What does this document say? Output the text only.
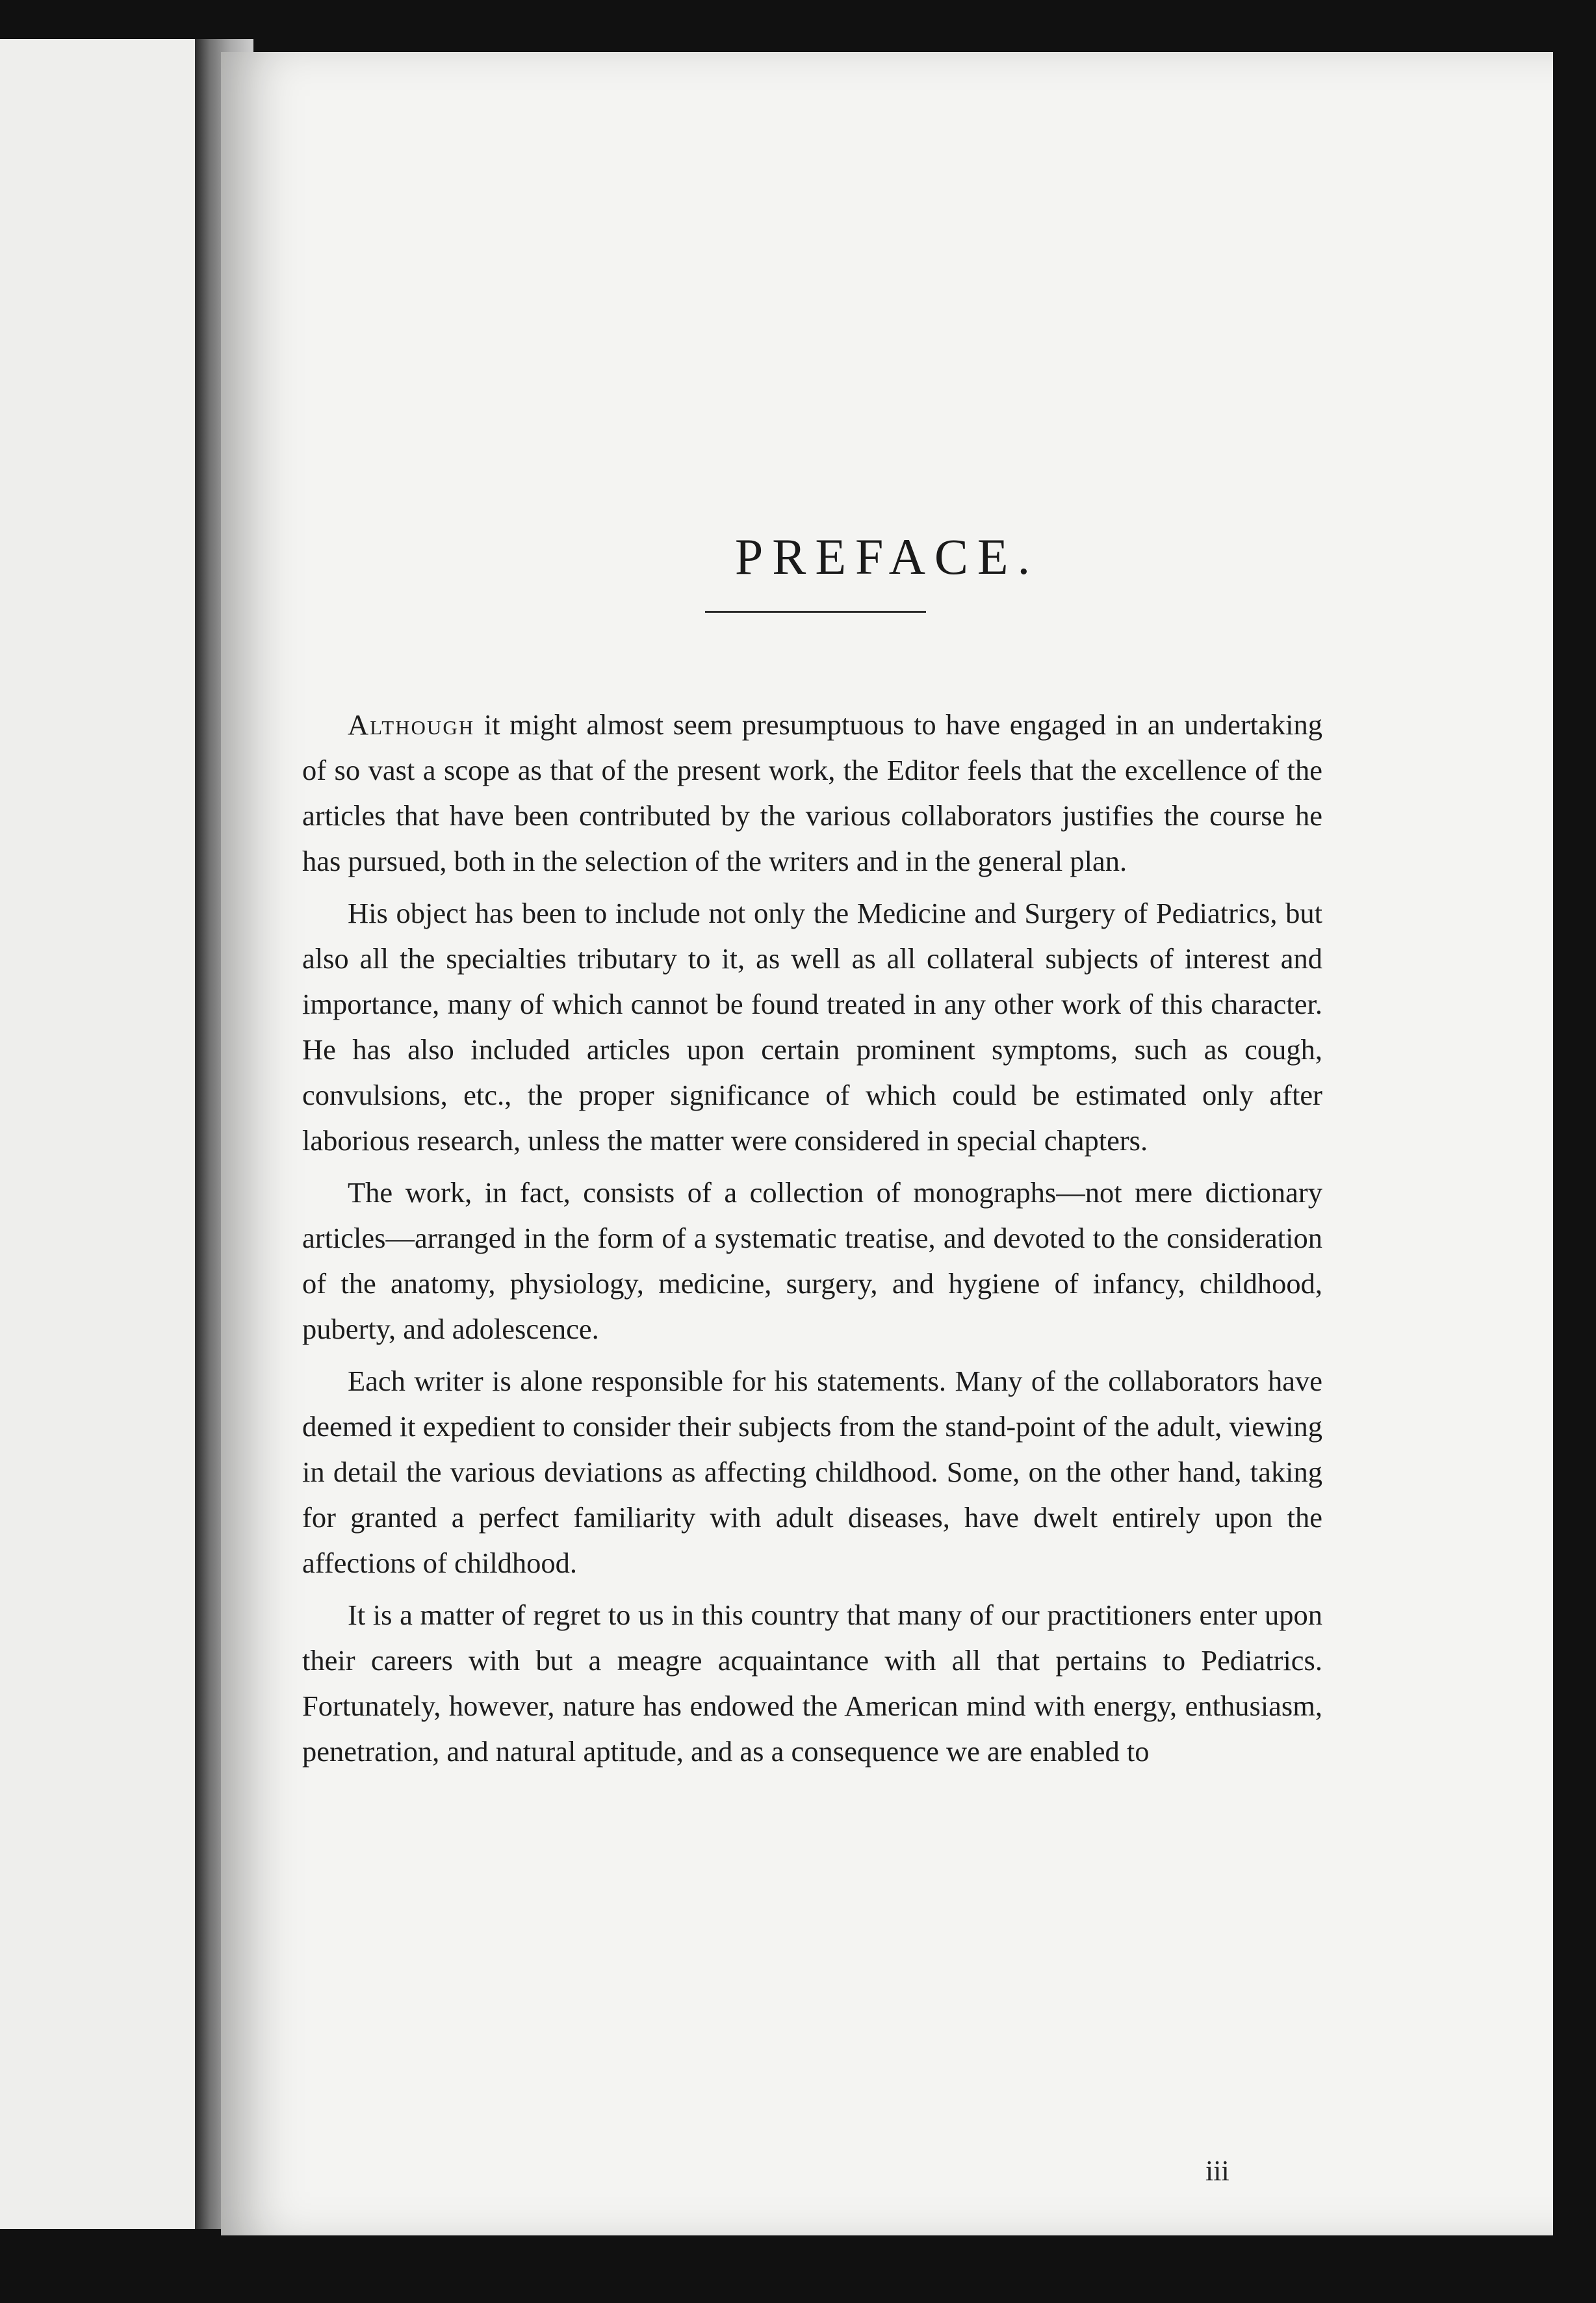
PREFACE.

Although it might almost seem presumptuous to have engaged in an undertaking of so vast a scope as that of the present work, the Editor feels that the excellence of the articles that have been contributed by the various collaborators justifies the course he has pursued, both in the selection of the writers and in the general plan.

His object has been to include not only the Medicine and Surgery of Pediatrics, but also all the specialties tributary to it, as well as all collateral subjects of interest and importance, many of which cannot be found treated in any other work of this character. He has also included articles upon certain prominent symptoms, such as cough, convulsions, etc., the proper significance of which could be estimated only after laborious research, unless the matter were considered in special chapters.

The work, in fact, consists of a collection of monographs—not mere dictionary articles—arranged in the form of a systematic treatise, and devoted to the consideration of the anatomy, physiology, medicine, surgery, and hygiene of infancy, childhood, puberty, and adolescence.

Each writer is alone responsible for his statements. Many of the collaborators have deemed it expedient to consider their subjects from the stand-point of the adult, viewing in detail the various deviations as affecting childhood. Some, on the other hand, taking for granted a perfect familiarity with adult diseases, have dwelt entirely upon the affections of childhood.

It is a matter of regret to us in this country that many of our practitioners enter upon their careers with but a meagre acquaintance with all that pertains to Pediatrics. Fortunately, however, nature has endowed the American mind with energy, enthusiasm, penetration, and natural aptitude, and as a consequence we are enabled to

iii
